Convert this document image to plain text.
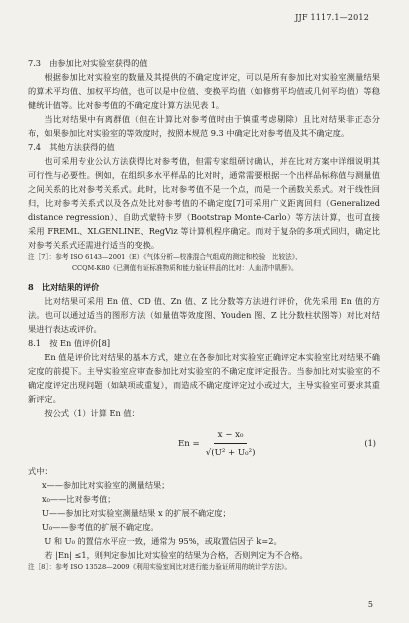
JJF 1117.1—2012

7.3　由参加比对实验室获得的值

根据参加比对实验室的数量及其提供的不确定度评定，可以是所有参加比对实验室测量结果的算术平均值、加权平均值，也可以是中位值、变换平均值（如修剪平均值或几何平均值）等稳健统计值等。比对参考值的不确定度计算方法见表 1。

当比对结果中有离群值（但在计算比对参考值时由于慎重考虑剔除）且比对结果非正态分布，如果参加比对实验室的等效度时，按照本规范 9.3 中确定比对参考值及其不确定度。

7.4　其他方法获得的值

也可采用专业公认方法获得比对参考值，但需专家组研讨确认，并在比对方案中详细说明其可行性与必要性。例如，在组织多水平样品的比对时，通常需要根据一个出样品标称值与测量值之间关系的比对参考关系式。此时，比对参考值不是一个点，而是一个函数关系式。对于线性回归，比对参考关系式以及各点处比对参考值的不确定度[7]可采用广义距离回归（Generalized distance regression）、自助式蒙特卡罗（Bootstrap Monte-Carlo）等方法计算，也可直接采用 FREML、XLGENLINE、RegViz 等计算机程序确定。而对于复杂的多项式回归，确定比对参考关系式还需进行适当的变换。

注［7］：参考 ISO 6143—2001（E）《气体分析—校准混合气组成的测定和校验　比较法》、
CCQM-K80《已测值有证标准物质和能力验证样品的比对：人血清中肌酐》。

8　比对结果的评价

比对结果可采用 En 值、CD 值、Zn 值、Z 比分数等方法进行评价，优先采用 En 值的方法。也可以通过适当的图形方法（如量值等效度图、Youden 图、Z 比分数柱状图等）对比对结果进行表达或评价。

8.1　按 En 值评价[8]

En 值是评价比对结果的基本方式，建立在各参加比对实验室正确评定本实验室比对结果不确定度的前提下。主导实验室应审查参加比对实验室的不确定度评定报告。当参加比对实验室的不确定度评定出现问题（如缺项或重复），而造成不确定度评定过小或过大，主导实验室可要求其重新评定。

按公式（1）计算 En 值：

$En = \frac{\text{x − x₀}}{\text{√(U² + U₀²)}}$	(1)

式中：

x——参加比对实验室的测量结果；

x₀——比对参考值；

U——参加比对实验室测量结果 x 的扩展不确定度；

U₀——参考值的扩展不确定度。

U 和 U₀ 的置信水平应一致，通常为 95%，或取置信因子 k=2。

若 |En| ≤1，则判定参加比对实验室的结果为合格，否则判定为不合格。

注［8］：参考 ISO 13528—2009《利用实验室间比对进行能力验证所用的统计学方法》。

5
